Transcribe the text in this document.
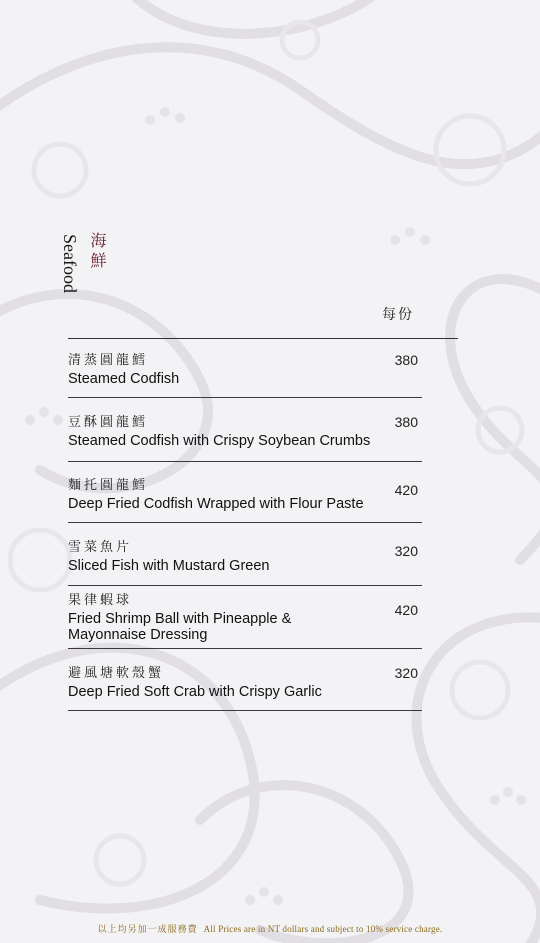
海鮮
Seafood
每份
清蒸圓龍鱈
Steamed Codfish
380
豆酥圓龍鱈
Steamed Codfish with Crispy Soybean Crumbs
380
麵托圓龍鱈
Deep Fried Codfish Wrapped with Flour Paste
420
雪菜魚片
Sliced Fish with Mustard Green
320
果律蝦球
Fried Shrimp Ball with Pineapple & Mayonnaise Dressing
420
避風塘軟殼蟹
Deep Fried Soft Crab with Crispy Garlic
320
以上均另加一成服務費 All Prices are in NT dollars and subject to 10% service charge.
